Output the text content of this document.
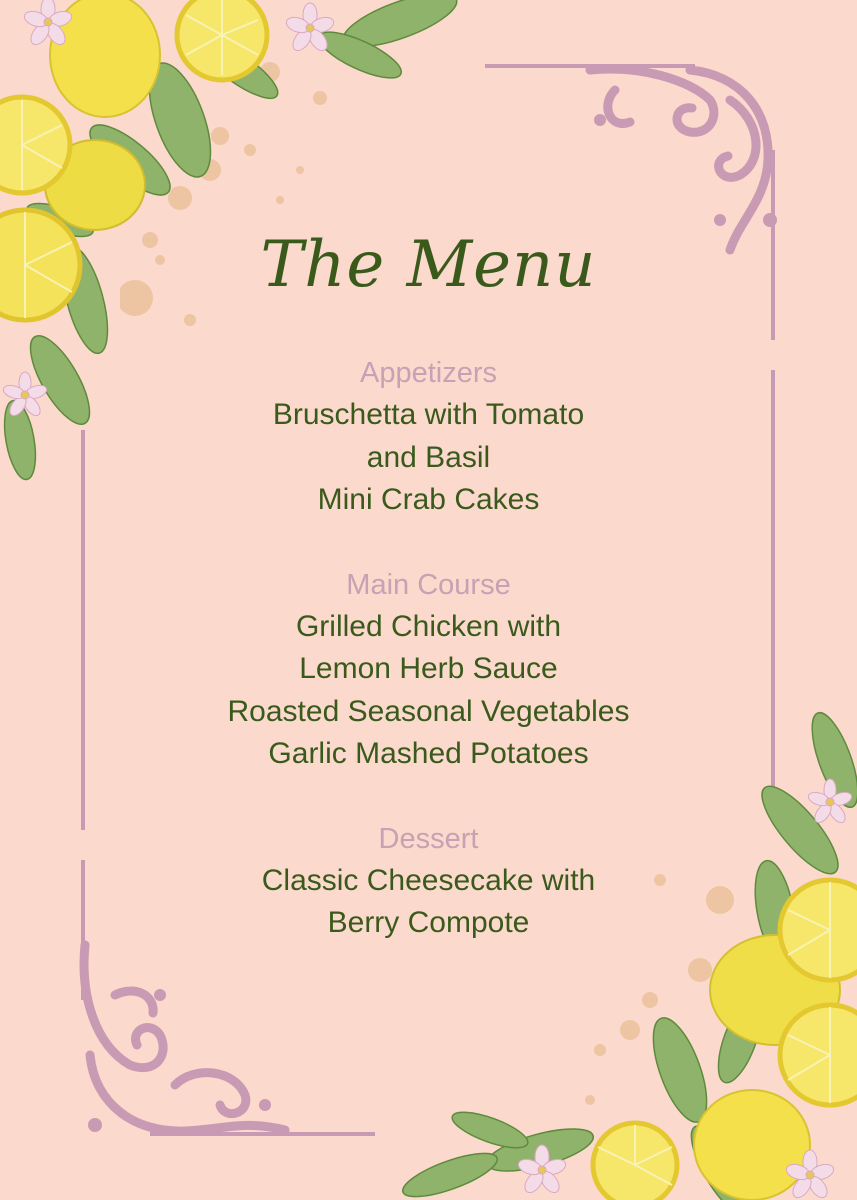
The Menu

Appetizers

Bruschetta with Tomato
and Basil
Mini Crab Cakes

Main Course

Grilled Chicken with
Lemon Herb Sauce
Roasted Seasonal Vegetables
Garlic Mashed Potatoes

Dessert

Classic Cheesecake with
Berry Compote
